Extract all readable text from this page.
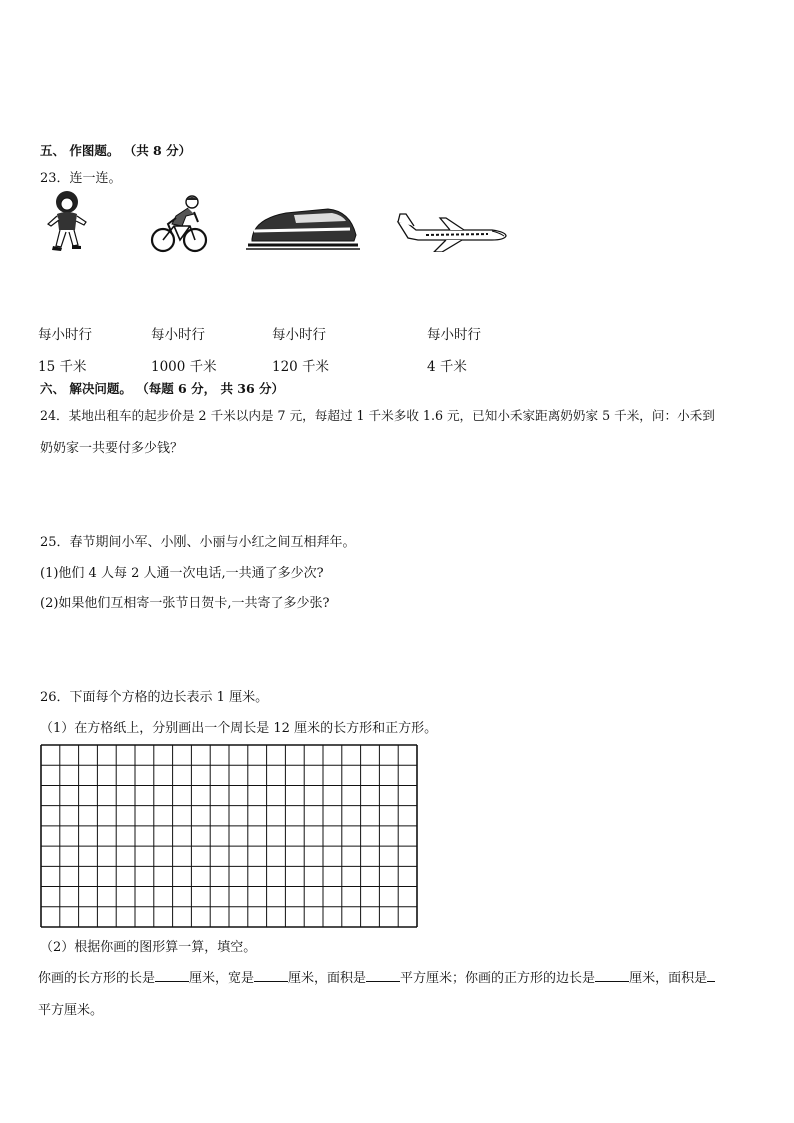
五、 作图题。 （共 8 分）
23．连一连。
每小时行
15 千米
每小时行
1000 千米
每小时行
120 千米
每小时行
4 千米
六、 解决问题。 （每题 6 分， 共 36 分）
24．某地出租车的起步价是 2 千米以内是 7 元，每超过 1 千米多收 1.6 元，已知小禾家距离奶奶家 5 千米，问：小禾到
奶奶家一共要付多少钱？
25．春节期间小军、小刚、小丽与小红之间互相拜年。
(1)他们 4 人每 2 人通一次电话,一共通了多少次?
(2)如果他们互相寄一张节日贺卡,一共寄了多少张?
26．下面每个方格的边长表示 1 厘米。
（1）在方格纸上，分别画出一个周长是 12 厘米的长方形和正方形。
（2）根据你画的图形算一算，填空。
你画的长方形的长是	厘米，宽是	厘米，面积是	平方厘米；你画的正方形的边长是	厘米，面积是
平方厘米。
